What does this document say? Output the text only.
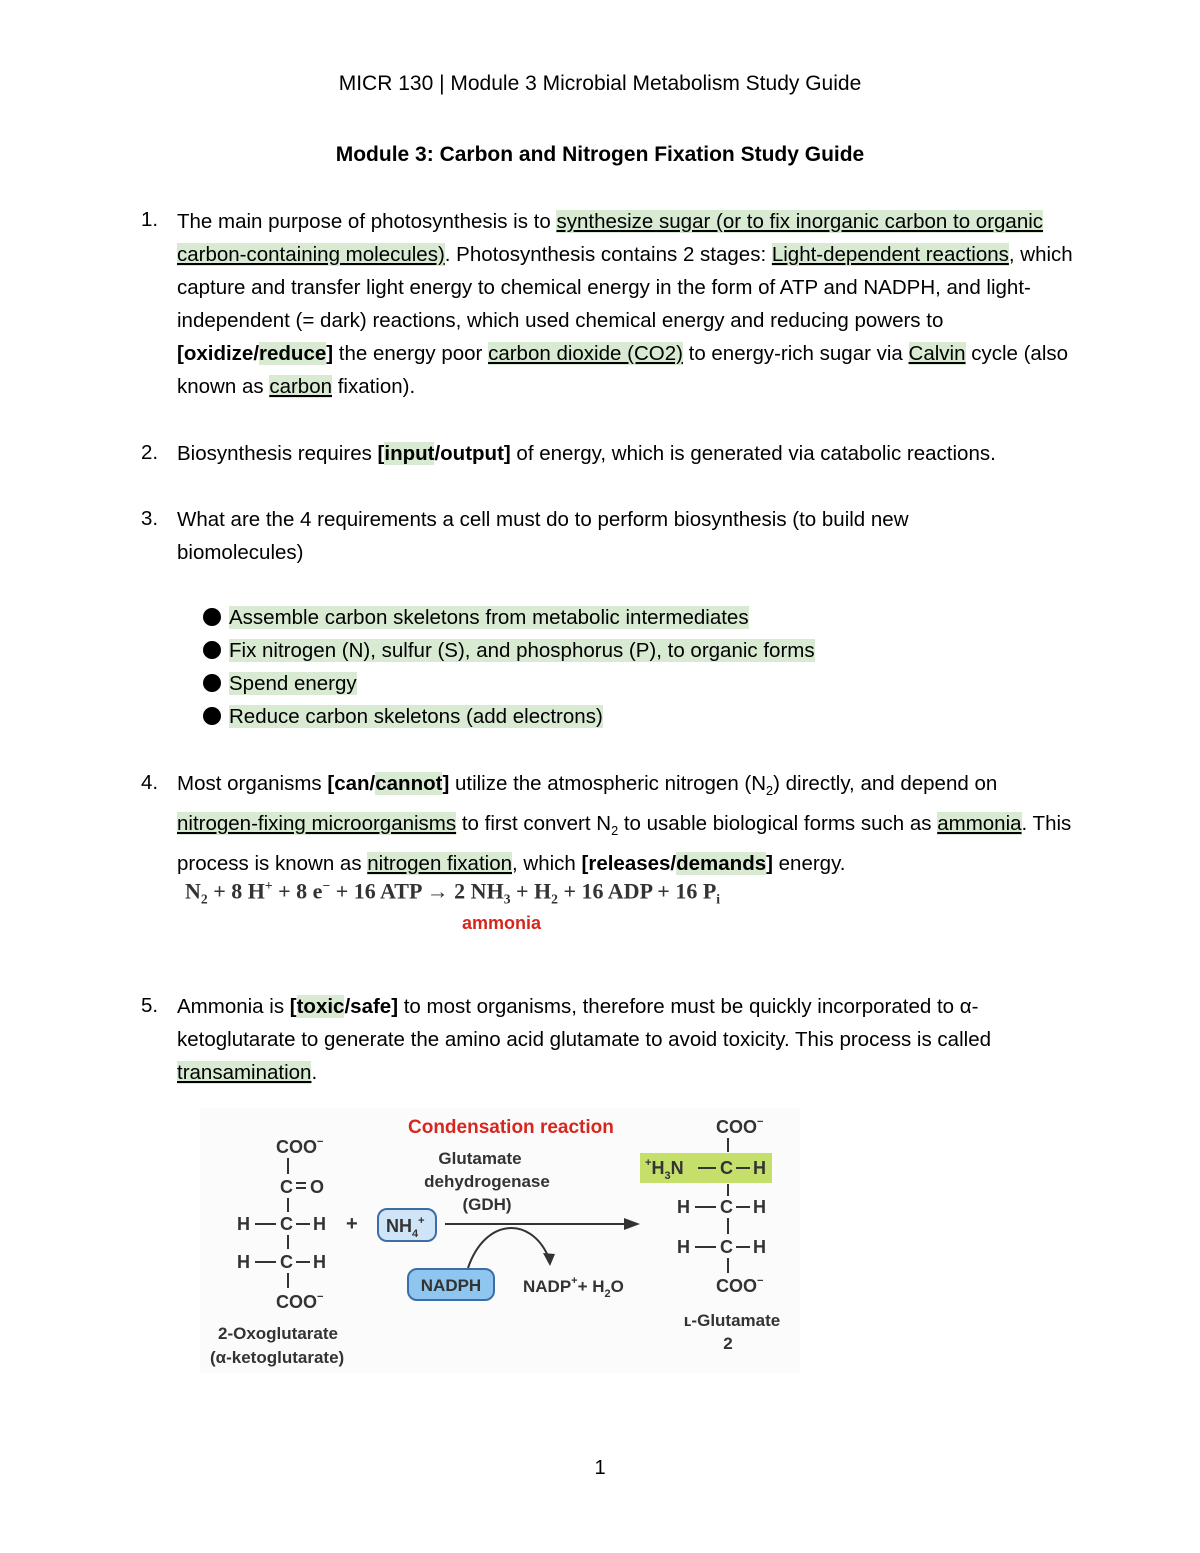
MICR 130 | Module 3 Microbial Metabolism Study Guide
Module 3: Carbon and Nitrogen Fixation Study Guide
1. The main purpose of photosynthesis is to synthesize sugar (or to fix inorganic carbon to organic carbon-containing molecules). Photosynthesis contains 2 stages: Light-dependent reactions, which capture and transfer light energy to chemical energy in the form of ATP and NADPH, and light-independent (= dark) reactions, which used chemical energy and reducing powers to [oxidize/reduce] the energy poor carbon dioxide (CO2) to energy-rich sugar via Calvin cycle (also known as carbon fixation).
2. Biosynthesis requires [input/output] of energy, which is generated via catabolic reactions.
3. What are the 4 requirements a cell must do to perform biosynthesis (to build new biomolecules)
Assemble carbon skeletons from metabolic intermediates
Fix nitrogen (N), sulfur (S), and phosphorus (P), to organic forms
Spend energy
Reduce carbon skeletons (add electrons)
4. Most organisms [can/cannot] utilize the atmospheric nitrogen $(N_2)$ directly, and depend on nitrogen-fixing microorganisms to first convert $N_2$ to usable biological forms such as ammonia. This process is known as nitrogen fixation, which [releases/demands] energy.
$N_2 + 8$ H+ + 8 e− + 16 ATP → 2 $NH_3 + H_2 + 16$ ADP + 16 $P_i$
ammonia
5. Ammonia is [toxic/safe] to most organisms, therefore must be quickly incorporated to α-ketoglutarate to generate the amino acid glutamate to avoid toxicity. This process is called transamination.
COO−
C O
H C H
H C H
COO−
2-Oxoglutarate
(α-ketoglutarate)
+ $NH_4^+$
Condensation reaction
Glutamate
dehydrogenase
(GDH)
NADPH NADP++ $H_2O$
COO−
$^+H_3N$ C H
H C H
H C H
COO−
ʟ-Glutamate
2
1
